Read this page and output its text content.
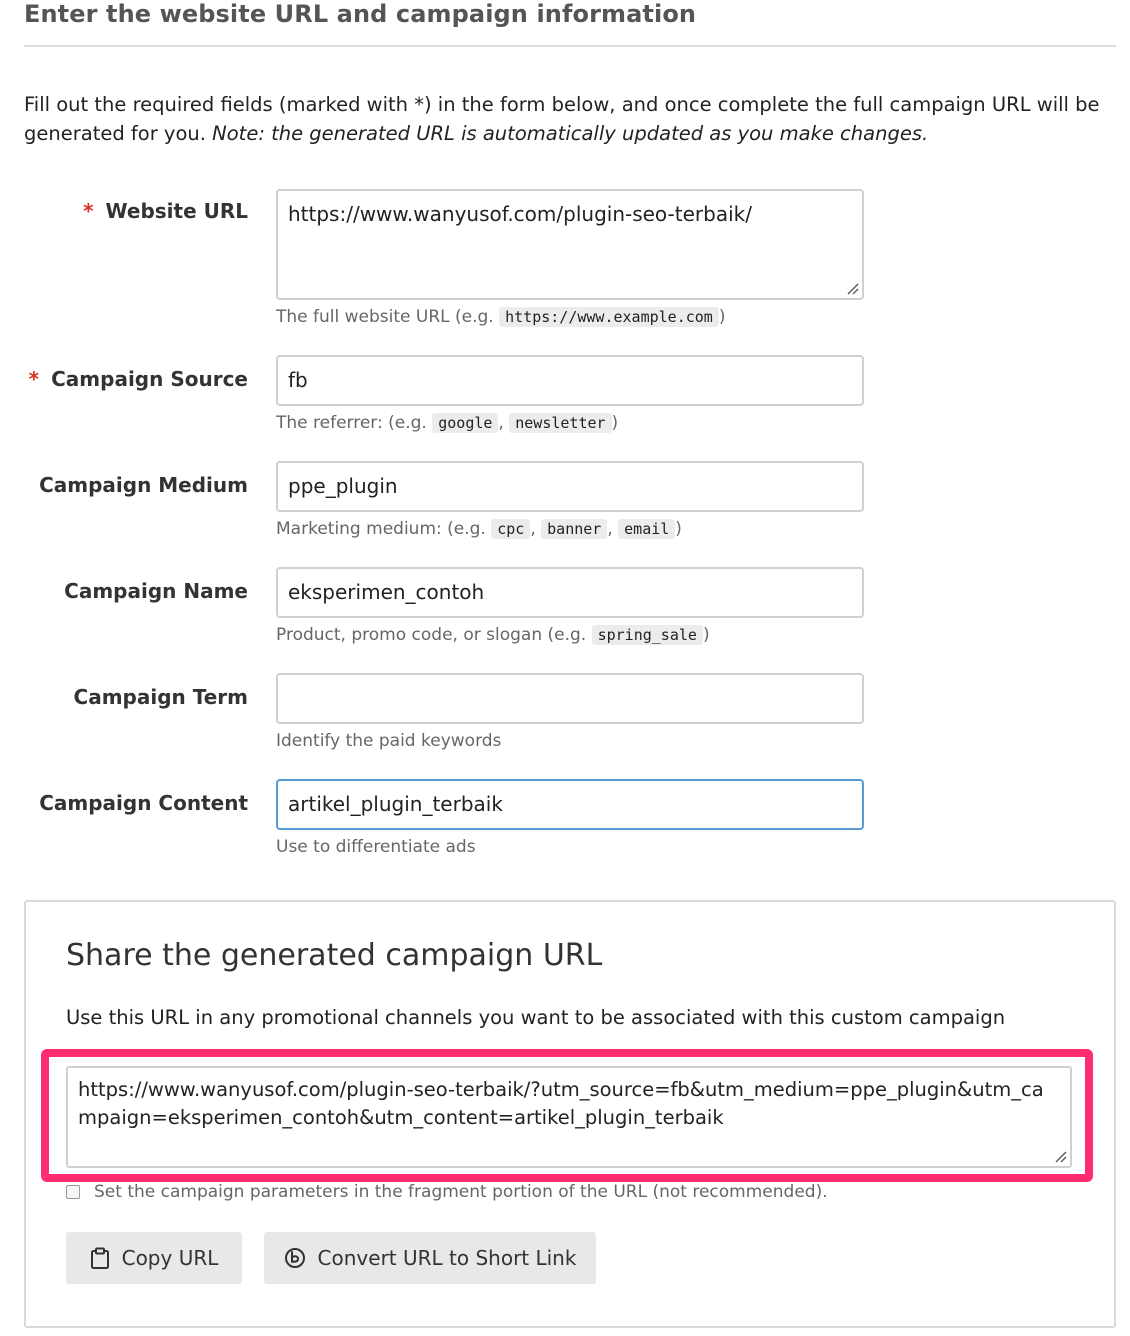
Enter the website URL and campaign information
Fill out the required fields (marked with *) in the form below, and once complete the full campaign URL will be generated for you. Note: the generated URL is automatically updated as you make changes.
* Website URL	https://www.wanyusof.com/plugin-seo-terbaik/
The full website URL (e.g. https://www.example.com )
* Campaign Source	fb
The referrer: (e.g. google , newsletter )
Campaign Medium	ppe_plugin
Marketing medium: (e.g. cpc , banner , email )
Campaign Name	eksperimen_contoh
Product, promo code, or slogan (e.g. spring_sale )
Campaign Term
Identify the paid keywords
Campaign Content	artikel_plugin_terbaik
Use to differentiate ads
Share the generated campaign URL
Use this URL in any promotional channels you want to be associated with this custom campaign
https://www.wanyusof.com/plugin-seo-terbaik/?utm_source=fb&utm_medium=ppe_plugin&utm_campaign=eksperimen_contoh&utm_content=artikel_plugin_terbaik
Set the campaign parameters in the fragment portion of the URL (not recommended).
Copy URL	Convert URL to Short Link
